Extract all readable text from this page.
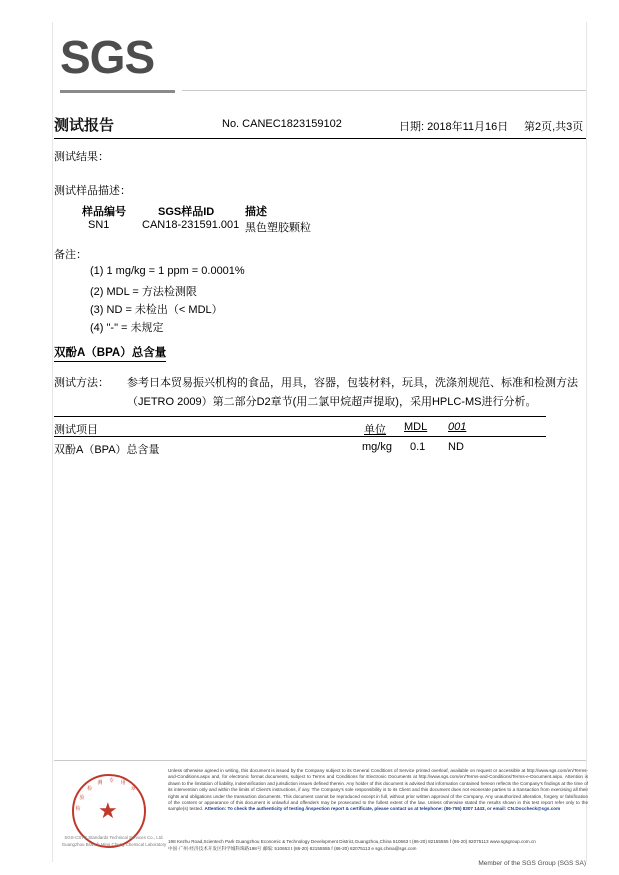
SGS
测试报告	No. CANEC1823159102	日期: 2018年11月16日 第2页,共3页
测试结果：
测试样品描述：
样品编号	SGS样品ID	描述
SN1	CAN18-231591.001 黑色塑胶颗粒
备注：
(1) 1 mg/kg = 1 ppm = 0.0001%
(2) MDL = 方法检测限
(3) ND = 未检出（< MDL）
(4) "-" = 未规定
双酚A（BPA）总含量
测试方法： 参考日本贸易振兴机构的食品，用具，容器，包装材料，玩具，洗涤剂规范、标准和检测方法（JETRO 2009）第二部分D2章节(用二氯甲烷超声提取)，采用HPLC-MS进行分析。
测试项目	单位 MDL 001
双酚A（BPA）总含量	mg/kg 0.1 ND
★
检
验
检
测 专 用
章
SGS-CSTC Standards Technical Services Co., Ltd.
Guangzhou Branch Ming Cheng Chemical Laboratory
Unless otherwise agreed in writing, this document is issued by the Company subject to its General Conditions of Service printed overleaf, available on request or accessible at http://www.sgs.com/en/Terms-and-Conditions.aspx and, for electronic format documents, subject to Terms and Conditions for Electronic Documents at http://www.sgs.com/en/Terms-and-Conditions/Terms-e-Document.aspx. Attention is drawn to the limitation of liability, indemnification and jurisdiction issues defined therein. Any holder of this document is advised that information contained hereon reflects the Company's findings at the time of its intervention only and within the limits of Client's instructions, if any. The Company's sole responsibility is to its Client and this document does not exonerate parties to a transaction from exercising all their rights and obligations under the transaction documents. This document cannot be reproduced except in full, without prior written approval of the Company. Any unauthorized alteration, forgery or falsification of the content or appearance of this document is unlawful and offenders may be prosecuted to the fullest extent of the law. Unless otherwise stated the results shown in this test report refer only to the sample(s) tested. Attention: To check the authenticity of testing /inspection report & certificate, please contact us at telephone: (86-755) 8307 1443, or email: CN.Doccheck@sgs.com
198 Kezhu Road,Scientech Park Guangzhou Economic & Technology Development District,Guangzhou,China 510663 t (86-20) 82155555 f (86-20) 82075113 www.sgsgroup.com.cn
中国·广州·经济技术开发区科学城科珠路198号 邮编: 510663 t (86-20) 82155555 f (86-20) 82075113 e sgs.china@sgs.com
Member of the SGS Group (SGS SA)
